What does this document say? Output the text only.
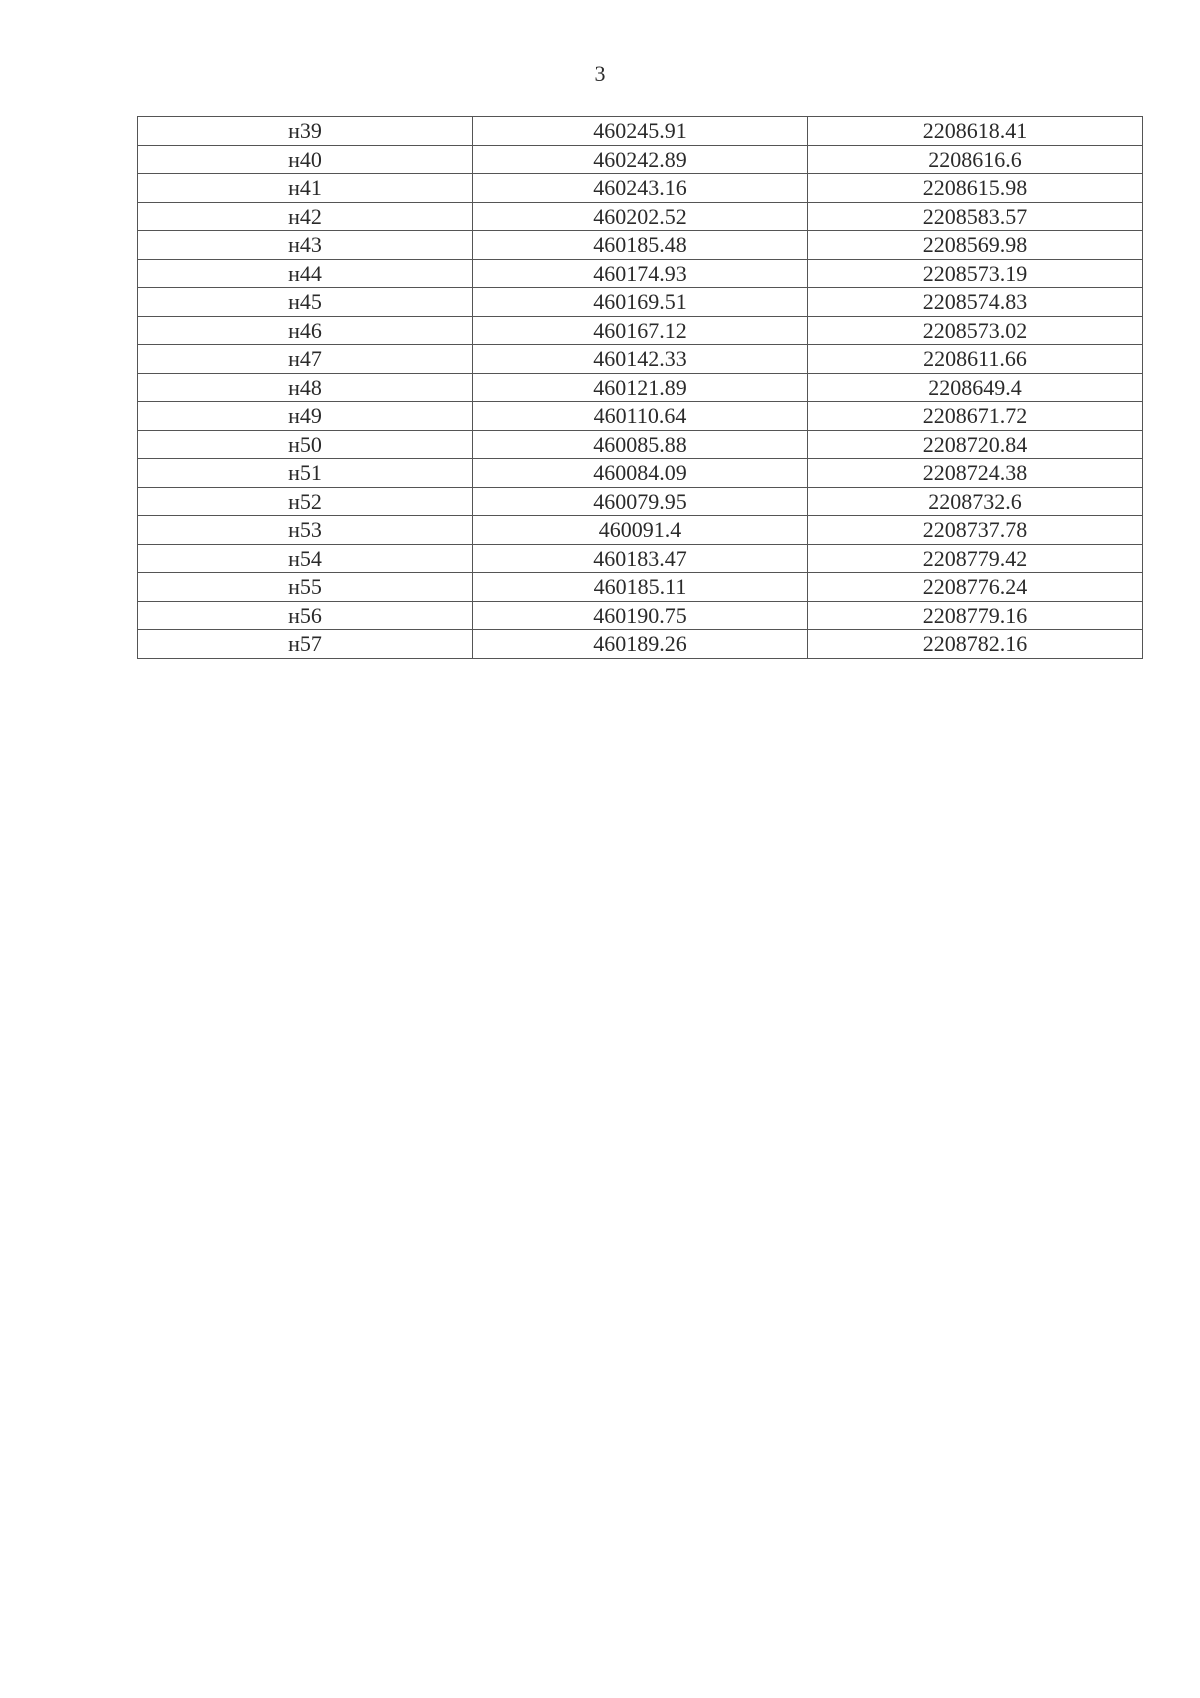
3
н39	460245.91	2208618.41
н40	460242.89	2208616.6
н41	460243.16	2208615.98
н42	460202.52	2208583.57
н43	460185.48	2208569.98
н44	460174.93	2208573.19
н45	460169.51	2208574.83
н46	460167.12	2208573.02
н47	460142.33	2208611.66
н48	460121.89	2208649.4
н49	460110.64	2208671.72
н50	460085.88	2208720.84
н51	460084.09	2208724.38
н52	460079.95	2208732.6
н53	460091.4	2208737.78
н54	460183.47	2208779.42
н55	460185.11	2208776.24
н56	460190.75	2208779.16
н57	460189.26	2208782.16
